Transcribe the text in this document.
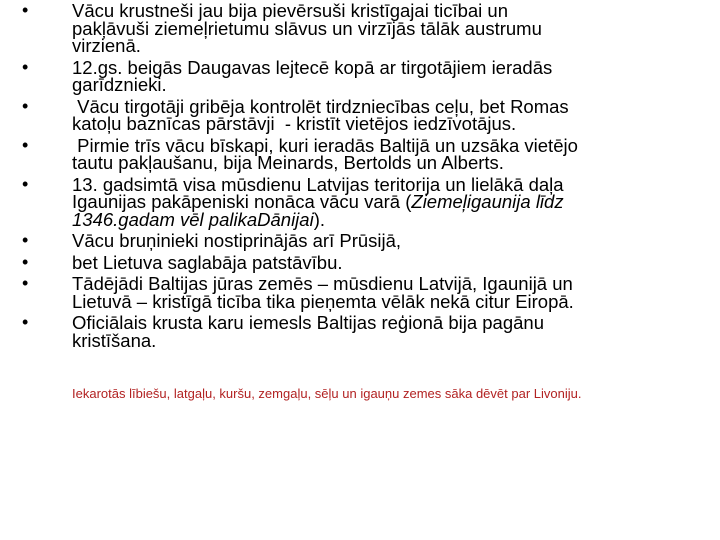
•	Vācu krustneši jau bija pievērsuši kristīgajai ticībai un
pakļāvuši ziemeļrietumu slāvus un virzījās tālāk austrumu
virzienā.
•	12.gs. beigās Daugavas lejtecē kopā ar tirgotājiem ieradās
garīdznieki.
•	Vācu tirgotāji gribēja kontrolēt tirdzniecības ceļu, bet Romas
katoļu baznīcas pārstāvji  - kristīt vietējos iedzīvotājus.
•	Pirmie trīs vācu bīskapi, kuri ieradās Baltijā un uzsāka vietējo
tautu pakļaušanu, bija Meinards, Bertolds un Alberts.
•	13. gadsimtā visa mūsdienu Latvijas teritorija un lielākā daļa
Igaunijas pakāpeniski nonāca vācu varā (Ziemeļigaunija līdz
1346.gadam vēl palikaDānijai).
•	Vācu bruņinieki nostiprinājās arī Prūsijā,
•	bet Lietuva saglabāja patstāvību.
•	Tādējādi Baltijas jūras zemēs – mūsdienu Latvijā, Igaunijā un
Lietuvā – kristīgā ticība tika pieņemta vēlāk nekā citur Eiropā.
•	Oficiālais krusta karu iemesls Baltijas reģionā bija pagānu
kristīšana.
Iekarotās lībiešu, latgaļu, kuršu, zemgaļu, sēļu un igauņu zemes sāka dēvēt par Livoniju.
